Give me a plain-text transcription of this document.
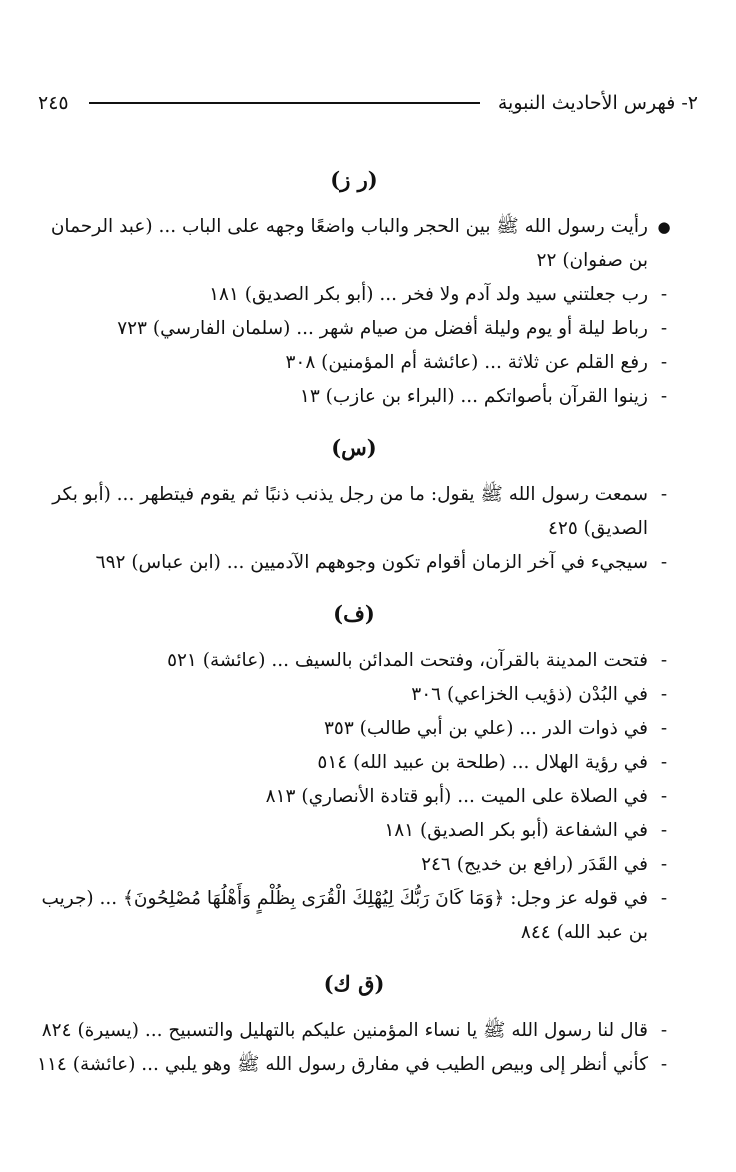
٢- فهرس الأحاديث النبوية
٢٤٥
(ر ز)
●
رأيت رسول الله ﷺ بين الحجر والباب واضعًا وجهه على الباب ... (عبد الرحمان بن صفوان) ٢٢
-
رب جعلتني سيد ولد آدم ولا فخر ... (أبو بكر الصديق) ١٨١
-
رباط ليلة أو يوم وليلة أفضل من صيام شهر ... (سلمان الفارسي) ٧٢٣
-
رفع القلم عن ثلاثة ... (عائشة أم المؤمنين) ٣٠٨
-
زينوا القرآن بأصواتكم ... (البراء بن عازب) ١٣
(س)
-
سمعت رسول الله ﷺ يقول: ما من رجل يذنب ذنبًا ثم يقوم فيتطهر ... (أبو بكر الصديق) ٤٢٥
-
سيجيء في آخر الزمان أقوام تكون وجوههم الآدميين ... (ابن عباس) ٦٩٢
(ف)
-
فتحت المدينة بالقرآن، وفتحت المدائن بالسيف ... (عائشة) ٥٢١
-
في البُدْن (ذؤيب الخزاعي) ٣٠٦
-
في ذوات الدر ... (علي بن أبي طالب) ٣٥٣
-
في رؤية الهلال ... (طلحة بن عبيد الله) ٥١٤
-
في الصلاة على الميت ... (أبو قتادة الأنصاري) ٨١٣
-
في الشفاعة (أبو بكر الصديق) ١٨١
-
في القَدَر (رافع بن خديج) ٢٤٦
-
في قوله عز وجل: ﴿وَمَا كَانَ رَبُّكَ لِيُهْلِكَ الْقُرَى بِظُلْمٍ وَأَهْلُهَا مُصْلِحُونَ﴾ ... (جريب بن عبد الله) ٨٤٤
(ق ك)
-
قال لنا رسول الله ﷺ يا نساء المؤمنين عليكم بالتهليل والتسبيح ... (يسيرة) ٨٢٤
-
كأني أنظر إلى وبيص الطيب في مفارق رسول الله ﷺ وهو يلبي ... (عائشة) ١١٤
